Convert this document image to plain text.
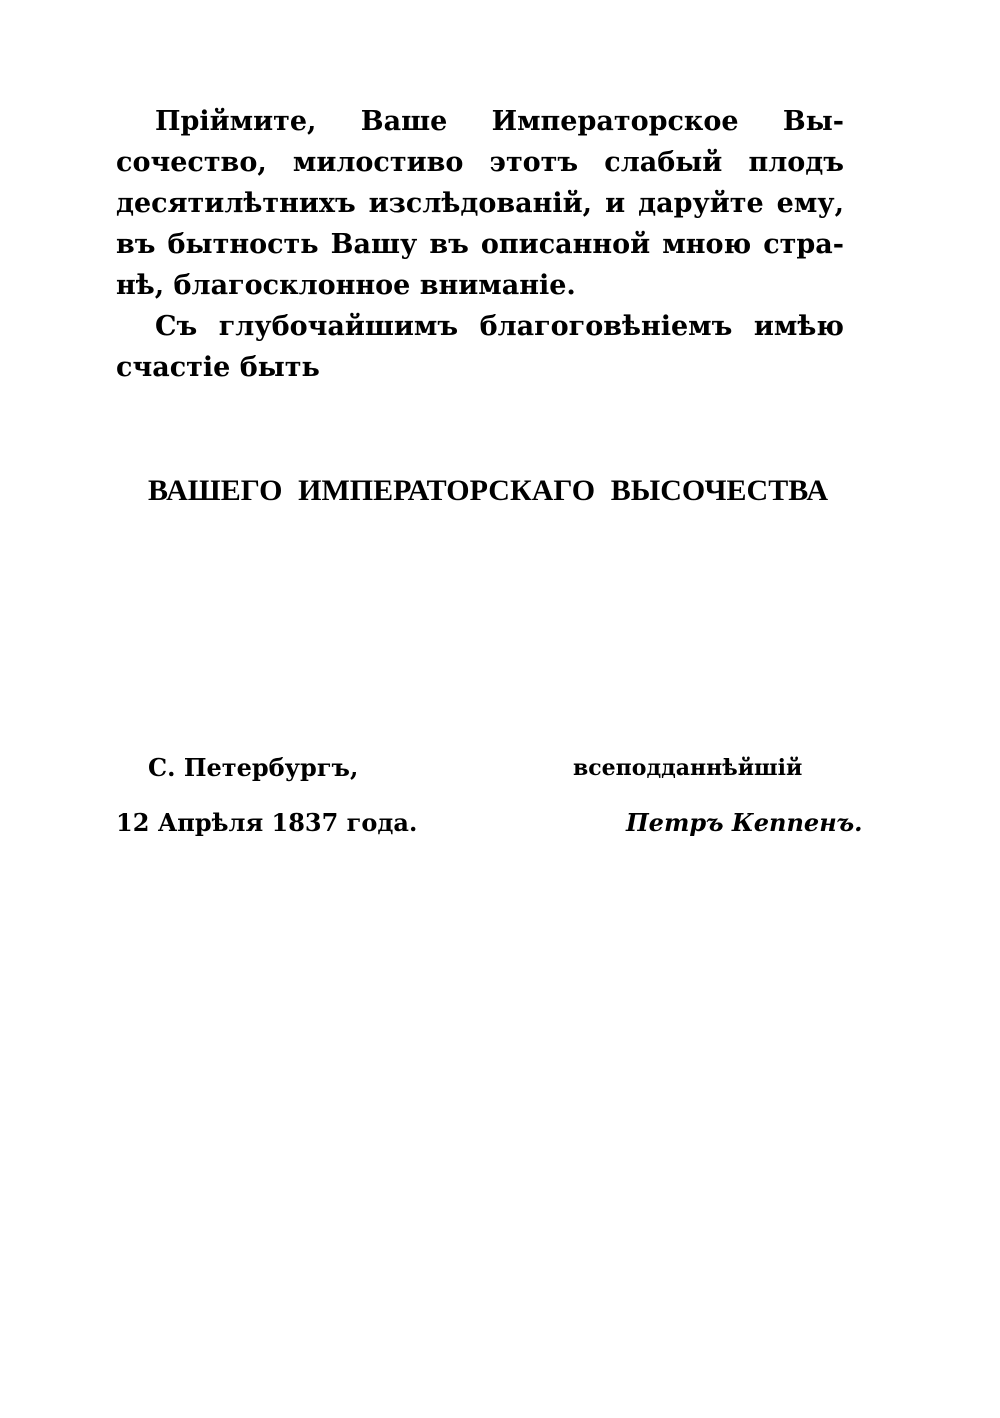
Пріймите, Ваше Императорское Вы-
сочество, милостиво этотъ слабый плодъ
десятилѣтнихъ изслѣдованій, и даруйте ему,
въ бытность Вашу въ описанной мною стра-
нѣ, благосклонное вниманіе.
Съ глубочайшимъ благоговѣніемъ имѣю
счастіе быть
ВАШЕГО ИМПЕРАТОРСКАГО ВЫСОЧЕСТВА
С. Петербургъ,
12 Апрѣля 1837 года.
всеподданнѣйшій
Петръ Кеппенъ.
